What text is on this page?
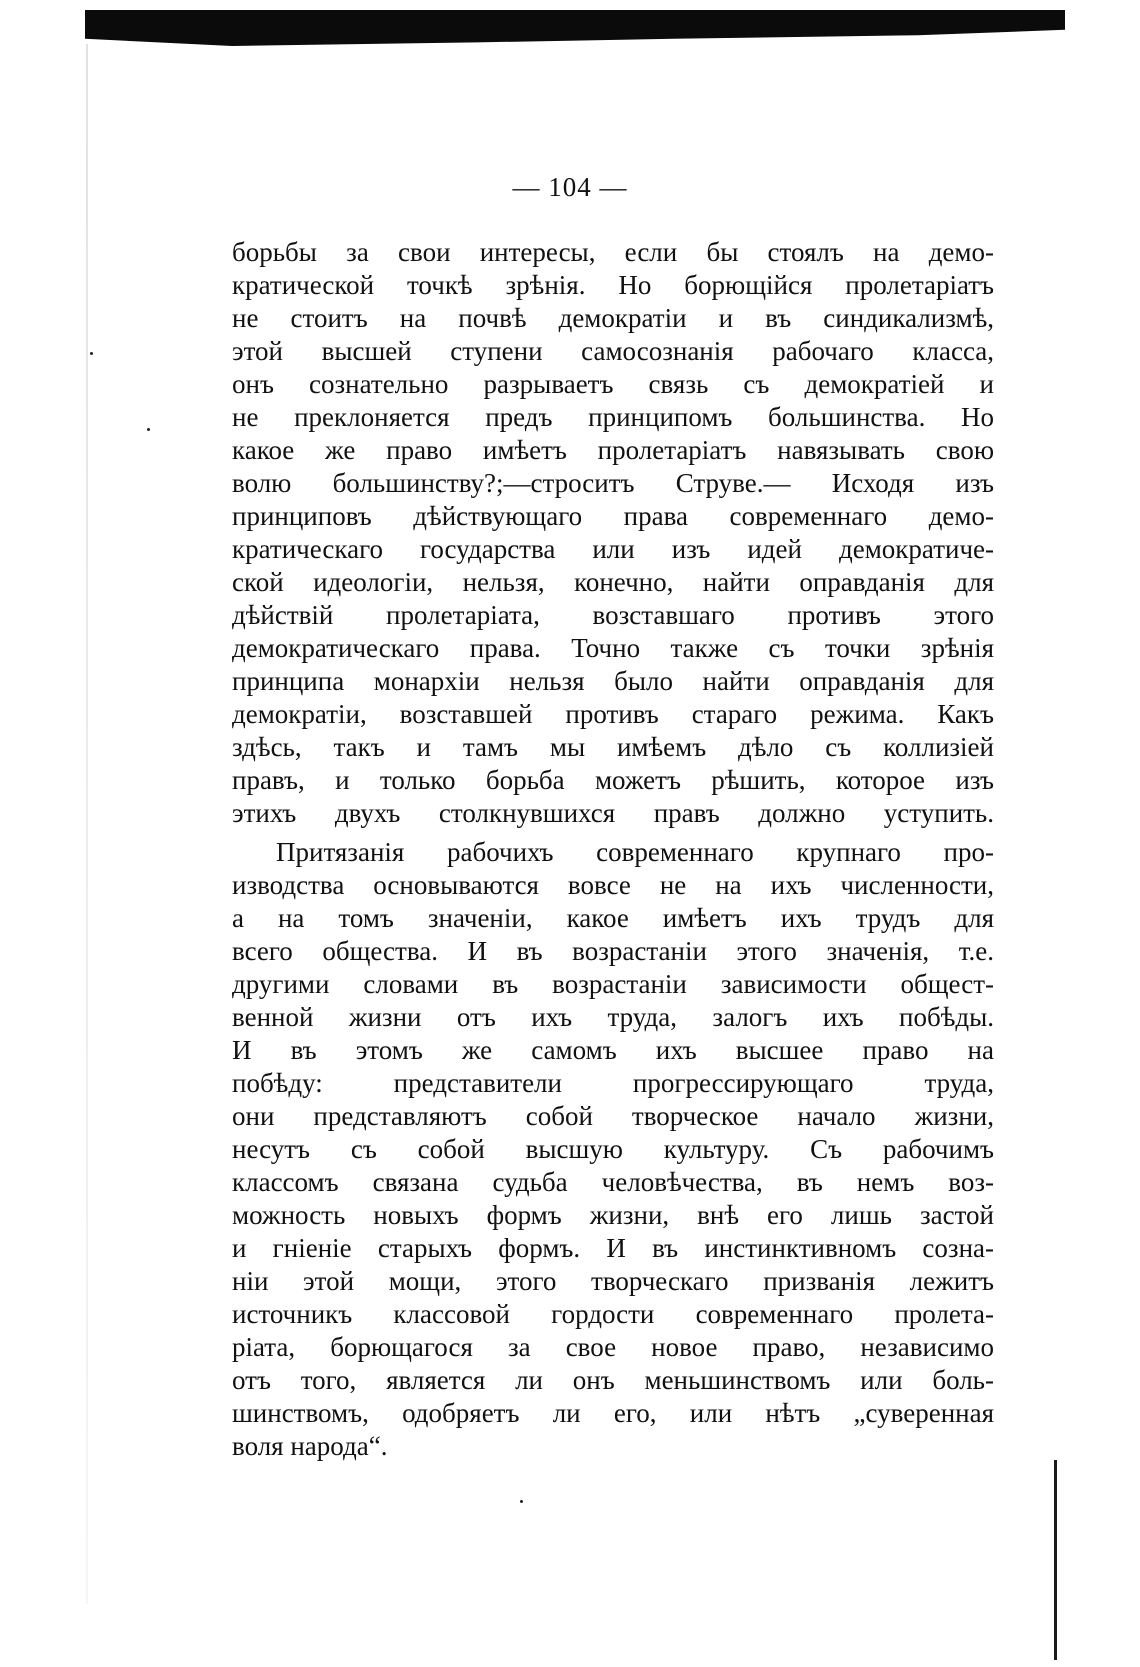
— 104 —
борьбы за свои интересы, если бы стоялъ на демо-
кратической точкѣ зрѣнія. Но борющійся пролетаріатъ
не стоитъ на почвѣ демократіи и въ синдикализмѣ,
этой высшей ступени самосознанія рабочаго класса,
онъ сознательно разрываетъ связь съ демократіей и
не преклоняется предъ принципомъ большинства. Но
какое же право имѣетъ пролетаріатъ навязывать свою
волю большинству?;—строситъ Струве.— Исходя изъ
принциповъ дѣйствующаго права современнаго демо-
кратическаго государства или изъ идей демократиче-
ской идеологіи, нельзя, конечно, найти оправданія для
дѣйствій пролетаріата, возставшаго противъ этого
демократическаго права. Точно также съ точки зрѣнія
принципа монархіи нельзя было найти оправданія для
демократіи, возставшей противъ стараго режима. Какъ
здѣсь, такъ и тамъ мы имѣемъ дѣло съ коллизіей
правъ, и только борьба можетъ рѣшить, которое изъ
этихъ двухъ столкнувшихся правъ должно уступить.
Притязанія рабочихъ современнаго крупнаго про-
изводства основываются вовсе не на ихъ численности,
а на томъ значеніи, какое имѣетъ ихъ трудъ для
всего общества. И въ возрастаніи этого значенія, т.е.
другими словами въ возрастаніи зависимости общест-
венной жизни отъ ихъ труда, залогъ ихъ побѣды.
И въ этомъ же самомъ ихъ высшее право на
побѣду: представители прогрессирующаго труда,
они представляютъ собой творческое начало жизни,
несутъ съ собой высшую культуру. Съ рабочимъ
классомъ связана судьба человѣчества, въ немъ воз-
можность новыхъ формъ жизни, внѣ его лишь застой
и гніеніе старыхъ формъ. И въ инстинктивномъ созна-
ніи этой мощи, этого творческаго призванія лежитъ
источникъ классовой гордости современнаго пролета-
ріата, борющагося за свое новое право, независимо
отъ того, является ли онъ меньшинствомъ или боль-
шинствомъ, одобряетъ ли его, или нѣтъ „суверенная
воля народа“.
